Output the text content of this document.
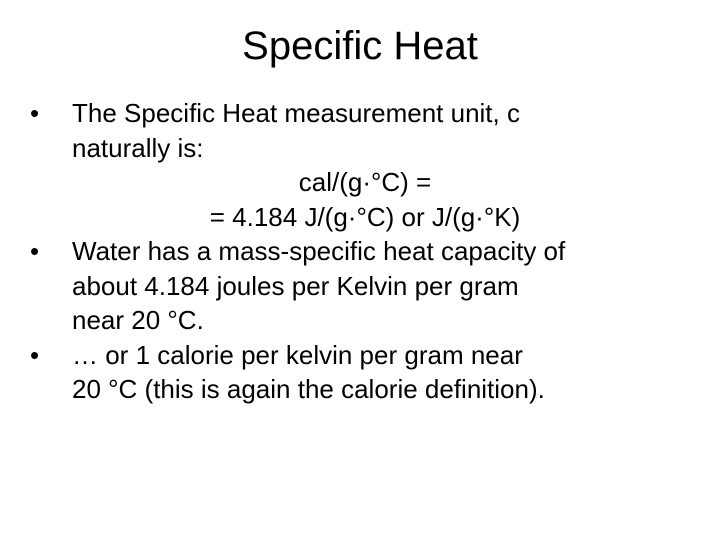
Specific Heat
•
The Specific Heat measurement unit, c
naturally is:
cal/(g·°C) =
= 4.184 J/(g·°C) or J/(g·°K)
•
Water has a mass-specific heat capacity of
about 4.184 joules per Kelvin per gram
near 20 °C.
•
… or 1 calorie per kelvin per gram near
20 °C (this is again the calorie definition).
